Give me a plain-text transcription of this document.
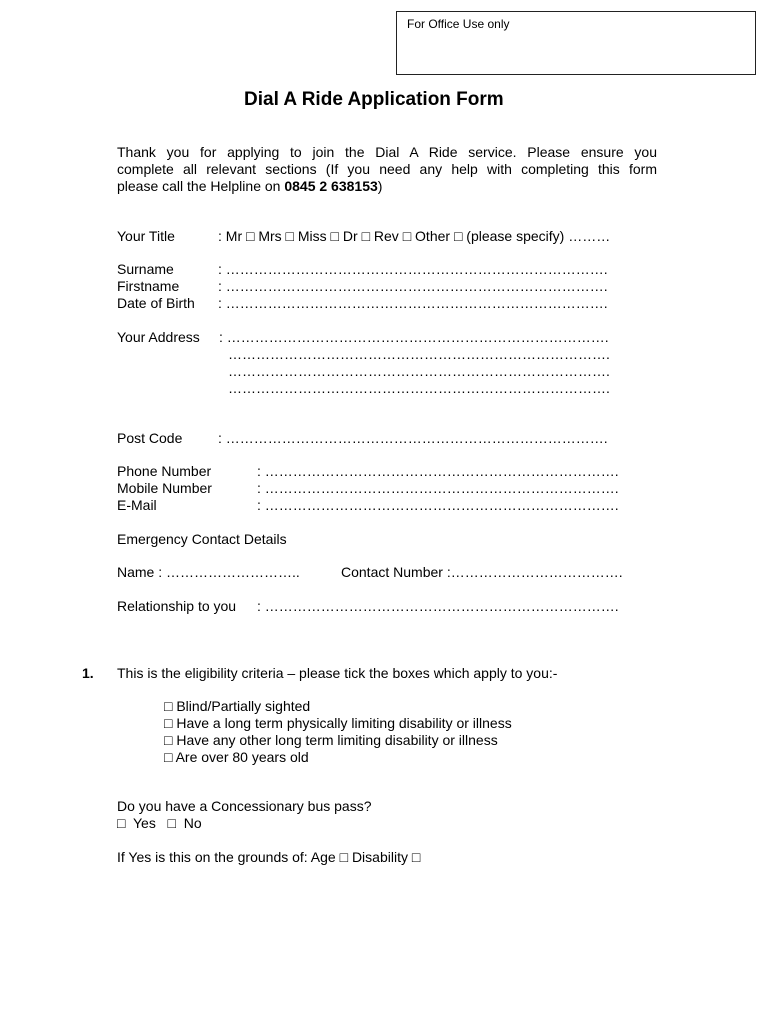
For Office Use only
Dial A Ride Application Form

Thank you for applying to join the Dial A Ride service. Please ensure you

complete all relevant sections (If you need any help with completing this form

please call the Helpline on 0845 2 638153)

Your Title	: Mr □ Mrs □ Miss □ Dr □ Rev □ Other □ (please specify) ………
Surname	: ……………………………………………………………………….
Firstname	: ……………………………………………………………………….
Date of Birth : ……………………………………………………………………….
Your Address : ……………………………………………………………………….
……………………………………………………………………….
……………………………………………………………………….
……………………………………………………………………….
Post Code	: ……………………………………………………………………….
Phone Number	: ………………………………………………………………….
Mobile Number	: ………………………………………………………………….
E-Mail	: ………………………………………………………………….
Emergency Contact Details
Name : ………………………..	Contact Number :……………………………….
Relationship to you : ………………………………………………………………….
1. This is the eligibility criteria – please tick the boxes which apply to you:-
□ Blind/Partially sighted
□ Have a long term physically limiting disability or illness
□ Have any other long term limiting disability or illness
□ Are over 80 years old
Do you have a Concessionary bus pass?
□  Yes   □  No
If Yes is this on the grounds of: Age □ Disability □
